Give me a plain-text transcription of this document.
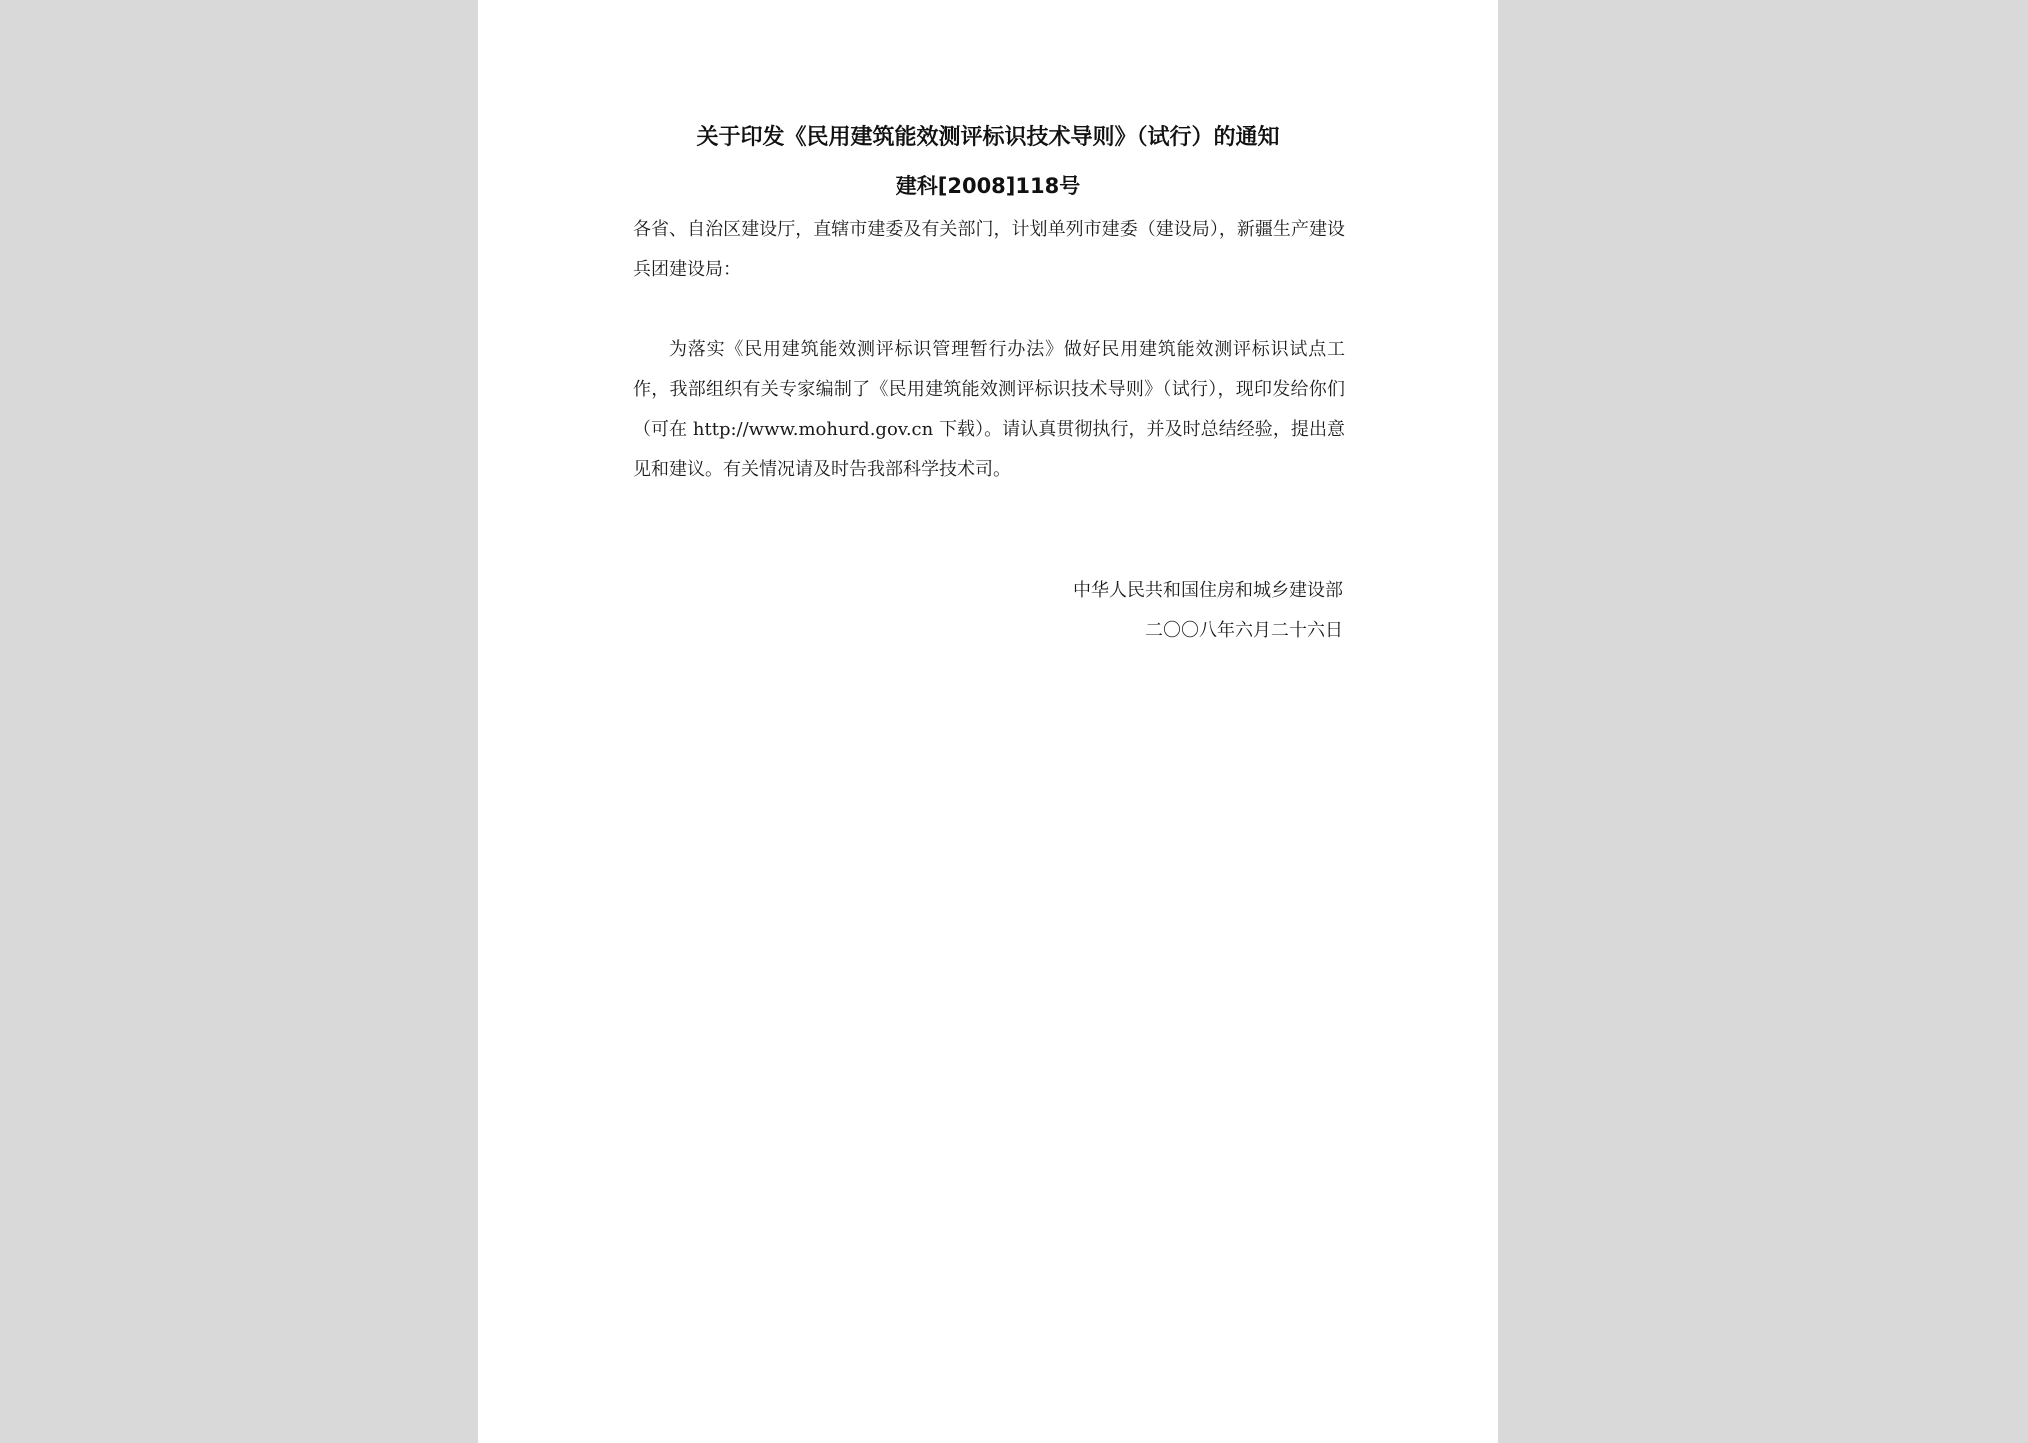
关于印发《民用建筑能效测评标识技术导则》（试行）的通知
建科[2008]118号
各省、自治区建设厅，直辖市建委及有关部门，计划单列市建委（建设局），新疆生产建设兵团建设局：
为落实《民用建筑能效测评标识管理暂行办法》做好民用建筑能效测评标识试点工作，我部组织有关专家编制了《民用建筑能效测评标识技术导则》（试行），现印发给你们（可在 http://www.mohurd.gov.cn 下载）。请认真贯彻执行，并及时总结经验，提出意见和建议。有关情况请及时告我部科学技术司。
中华人民共和国住房和城乡建设部
二〇〇八年六月二十六日
